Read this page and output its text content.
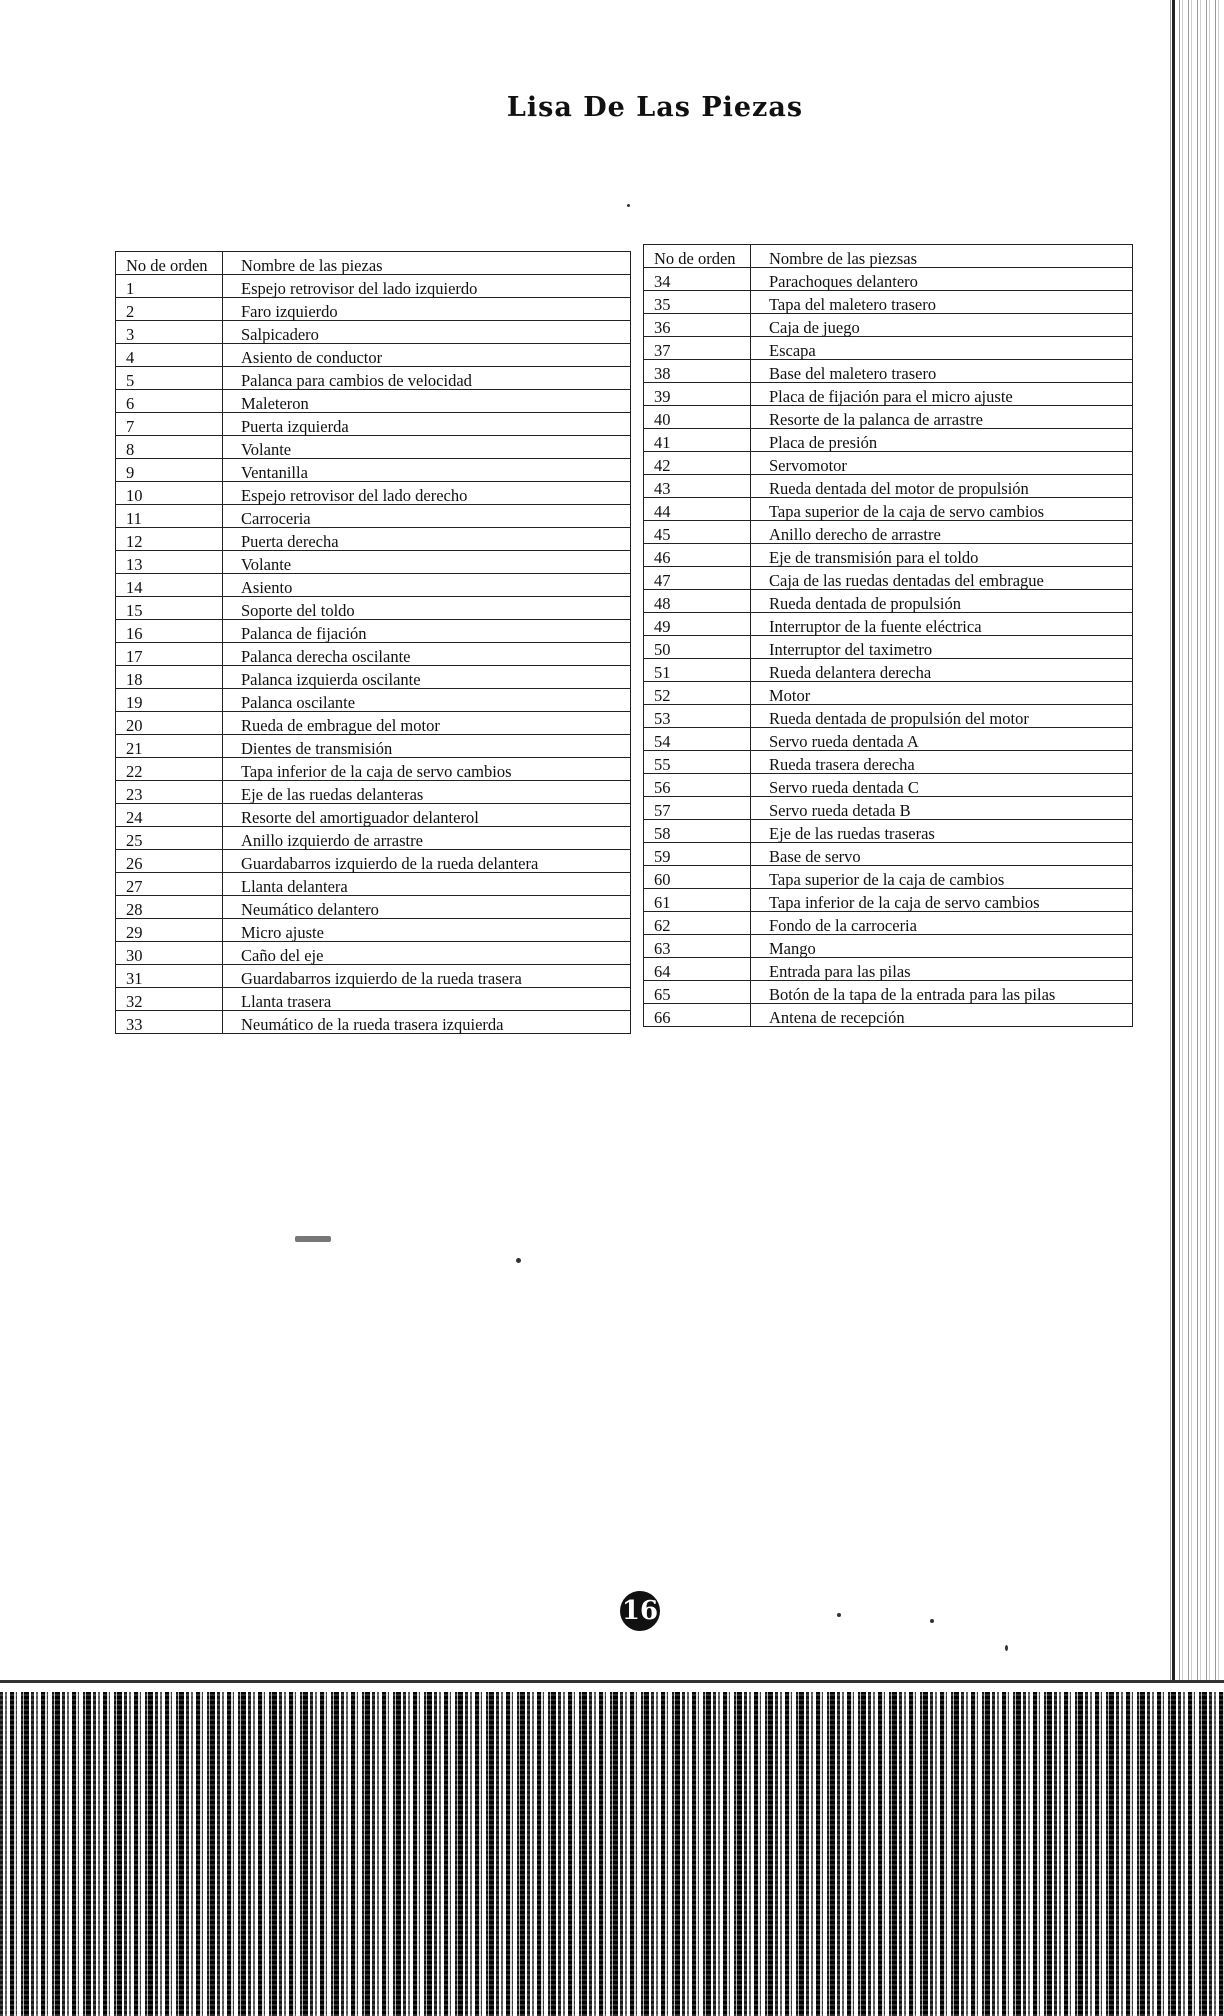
Lisa De Las Piezas
No de orden	Nombre de las piezas
1	Espejo retrovisor del lado izquierdo
2	Faro izquierdo
3	Salpicadero
4	Asiento de conductor
5	Palanca para cambios de velocidad
6	Maleteron
7	Puerta izquierda
8	Volante
9	Ventanilla
10	Espejo retrovisor del lado derecho
11	Carroceria
12	Puerta derecha
13	Volante
14	Asiento
15	Soporte del toldo
16	Palanca de fijación
17	Palanca derecha oscilante
18	Palanca izquierda oscilante
19	Palanca oscilante
20	Rueda de embrague del motor
21	Dientes de transmisión
22	Tapa inferior de la caja de servo cambios
23	Eje de las ruedas delanteras
24	Resorte del amortiguador delanterol
25	Anillo izquierdo de arrastre
26	Guardabarros izquierdo de la rueda delantera
27	Llanta delantera
28	Neumático delantero
29	Micro ajuste
30	Caño del eje
31	Guardabarros izquierdo de la rueda trasera
32	Llanta trasera
33	Neumático de la rueda trasera izquierda
No de orden	Nombre de las piezsas
34	Parachoques delantero
35	Tapa del maletero trasero
36	Caja de juego
37	Escapa
38	Base del maletero trasero
39	Placa de fijación para el micro ajuste
40	Resorte de la palanca de arrastre
41	Placa de presión
42	Servomotor
43	Rueda dentada del motor de propulsión
44	Tapa superior de la caja de servo cambios
45	Anillo derecho de arrastre
46	Eje de transmisión para el toldo
47	Caja de las ruedas dentadas del embrague
48	Rueda dentada de propulsión
49	Interruptor de la fuente eléctrica
50	Interruptor del taximetro
51	Rueda delantera derecha
52	Motor
53	Rueda dentada de propulsión del motor
54	Servo rueda dentada A
55	Rueda trasera derecha
56	Servo rueda dentada C
57	Servo rueda detada B
58	Eje de las ruedas traseras
59	Base de servo
60	Tapa superior de la caja de cambios
61	Tapa inferior de la caja de servo cambios
62	Fondo de la carroceria
63	Mango
64	Entrada para las pilas
65	Botón de la tapa de la entrada para las pilas
66	Antena de recepción
16
